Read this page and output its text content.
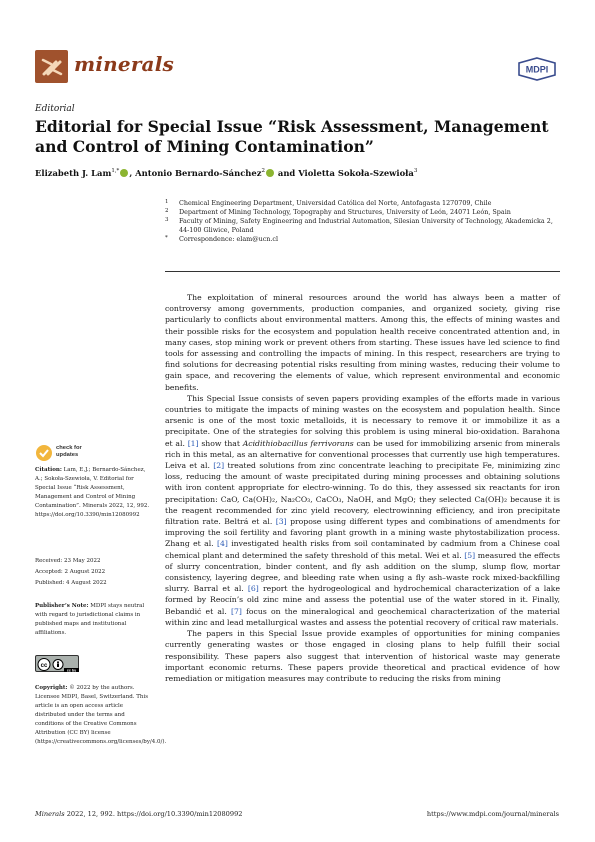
minerals	MDPI
Editorial
Editorial for Special Issue “Risk Assessment, Management and Control of Mining Contamination”
Elizabeth J. Lam$^{1,*}$ , Antonio Bernardo-Sánchez$^2$ and Violetta Sokoła-Szewioła$^3$
1 Chemical Engineering Department, Universidad Católica del Norte, Antofagasta 1270709, Chile
2 Department of Mining Technology, Topography and Structures, University of León, 24071 León, Spain
3 Faculty of Mining, Safety Engineering and Industrial Automation, Silesian University of Technology, Akademicka 2, 44-100 Gliwice, Poland
* Correspondence: elam@ucn.cl
check for updates
Citation: Lam, E.J.; Bernardo-Sánchez, A.; Sokoła-Szewioła, V. Editorial for Special Issue “Risk Assessment, Management and Control of Mining Contamination”. Minerals 2022, 12, 992. https://doi.org/10.3390/min12080992
Received: 23 May 2022
Accepted: 2 August 2022
Published: 4 August 2022
Publisher’s Note: MDPI stays neutral with regard to jurisdictional claims in published maps and institutional affiliations.
cc
cc by
Copyright: © 2022 by the authors. Licensee MDPI, Basel, Switzerland. This article is an open access article distributed under the terms and conditions of the Creative Commons Attribution (CC BY) license (https://creativecommons.org/licenses/by/4.0/).

The exploitation of mineral resources around the world has always been a matter of controversy among governments, production companies, and organized society, giving rise particularly to conflicts about environmental matters. Among this, the effects of mining wastes and their possible risks for the ecosystem and population health receive concentrated attention and, in many cases, stop mining work or prevent others from starting. These issues have led science to find tools for assessing and controlling the impacts of mining. In this respect, researchers are trying to find solutions for decreasing potential risks resulting from mining wastes, reducing their volume to gain space, and recovering the elements of value, which represent environmental and economic benefits.

This Special Issue consists of seven papers providing examples of the efforts made in various countries to mitigate the impacts of mining wastes on the ecosystem and population health. Since arsenic is one of the most toxic metalloids, it is necessary to remove it or immobilize it as a precipitate. One of the strategies for solving this problem is using mineral bio-oxidation. Barahona et al. [1] show that Acidithiobacillus ferrivorans can be used for immobilizing arsenic from minerals rich in this metal, as an alternative for conventional processes that currently use high temperatures. Leiva et al. [2] treated solutions from zinc concentrate leaching to precipitate Fe, minimizing zinc loss, reducing the amount of waste precipitated during mining processes and obtaining solutions with iron content appropriate for electro-winning. To do this, they assessed six reactants for iron precipitation: CaO, Ca(OH)₂, Na₂CO₃, CaCO₃, NaOH, and MgO; they selected Ca(OH)₂ because it is the reagent recommended for zinc yield recovery, electrowinning efficiency, and iron precipitate filtration rate. Beltrá et al. [3] propose using different types and combinations of amendments for improving the soil fertility and favoring plant growth in a mining waste phytostabilization process. Zhang et al. [4] investigated health risks from soil contaminated by cadmium from a Chinese coal chemical plant and determined the safety threshold of this metal. Wei et al. [5] measured the effects of slurry concentration, binder content, and fly ash addition on the slump, slump flow, mortar consistency, layering degree, and bleeding rate when using a fly ash–waste rock mixed-backfilling slurry. Barral et al. [6] report the hydrogeological and hydrochemical characterization of a lake formed by Reocín’s old zinc mine and assess the potential use of the water stored in it. Finally, Bebandić et al. [7] focus on the mineralogical and geochemical characterization of the material within zinc and lead metallurgical wastes and assess the potential recovery of critical raw materials.

The papers in this Special Issue provide examples of opportunities for mining companies currently generating wastes or those engaged in closing plans to help fulfill their social responsibility. These papers also suggest that intervention of historical waste may generate important economic returns. These papers provide theoretical and practical evidence of how remediation or mitigation measures may contribute to reducing the risks from mining

Minerals 2022, 12, 992. https://doi.org/10.3390/min12080992	https://www.mdpi.com/journal/minerals
